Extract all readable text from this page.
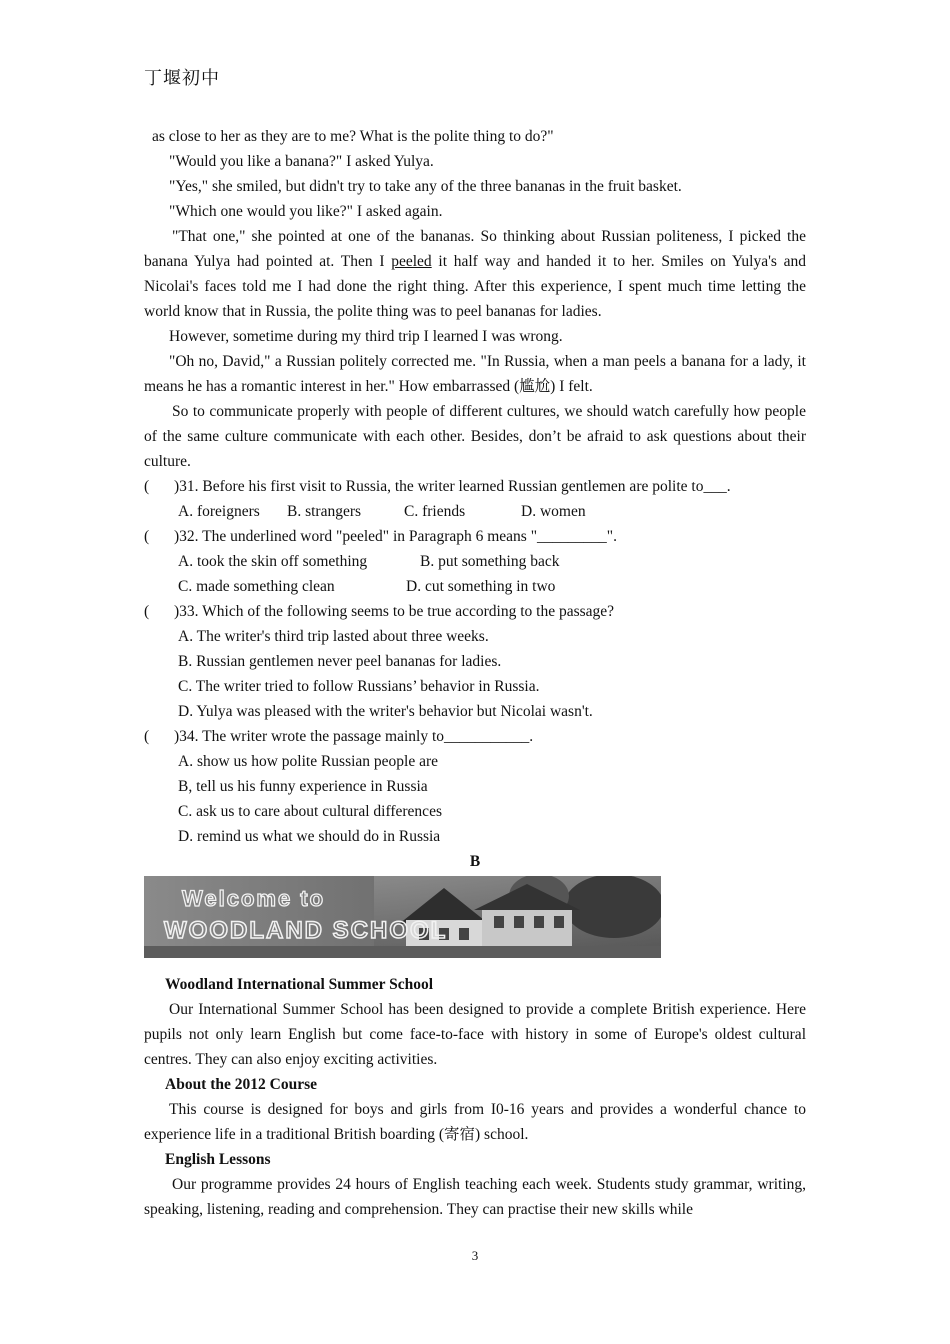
丁堰初中
as close to her as they are to me? What is the polite thing to do?"
"Would you like a banana?" I asked Yulya.
"Yes," she smiled, but didn't try to take any of the three bananas in the fruit basket.
"Which one would you like?" I asked again.
"That one," she pointed at one of the bananas. So thinking about Russian politeness, I picked the banana Yulya had pointed at. Then I peeled it half way and handed it to her. Smiles on Yulya's and Nicolai's faces told me I had done the right thing. After this experience, I spent much time letting the world know that in Russia, the polite thing was to peel bananas for ladies.
However, sometime during my third trip I learned I was wrong.
"Oh no, David," a Russian politely corrected me. "In Russia, when a man peels a banana for a lady, it means he has a romantic interest in her." How embarrassed (尴尬) I felt.
So to communicate properly with people of different cultures, we should watch carefully how people of the same culture communicate with each other. Besides, don’t be afraid to ask questions about their culture.
(	)31. Before his first visit to Russia, the writer learned Russian gentlemen are polite to___.
A. foreigners	B. strangers	C. friends	D. women
(	)32. The underlined word "peeled" in Paragraph 6 means "_________".
A. took the skin off something	B. put something back
C. made something clean	D. cut something in two
(	)33. Which of the following seems to be true according to the passage?
A. The writer's third trip lasted about three weeks.
B. Russian gentlemen never peel bananas for ladies.
C. The writer tried to follow Russians’ behavior in Russia.
D. Yulya was pleased with the writer's behavior but Nicolai wasn't.
(	)34. The writer wrote the passage mainly to___________.
A. show us how polite Russian people are
B, tell us his funny experience in Russia
C. ask us to care about cultural differences
D. remind us what we should do in Russia
B
Welcome to
WOODLAND SCHOOL
Woodland International Summer School
Our International Summer School has been designed to provide a complete British experience. Here pupils not only learn English but come face-to-face with history in some of Europe's oldest cultural centres. They can also enjoy exciting activities.
About the 2012 Course
This course is designed for boys and girls from I0-16 years and provides a wonderful chance to experience life in a traditional British boarding (寄宿) school.
English Lessons
Our programme provides 24 hours of English teaching each week. Students study grammar, writing, speaking, listening, reading and comprehension. They can practise their new skills while
3
